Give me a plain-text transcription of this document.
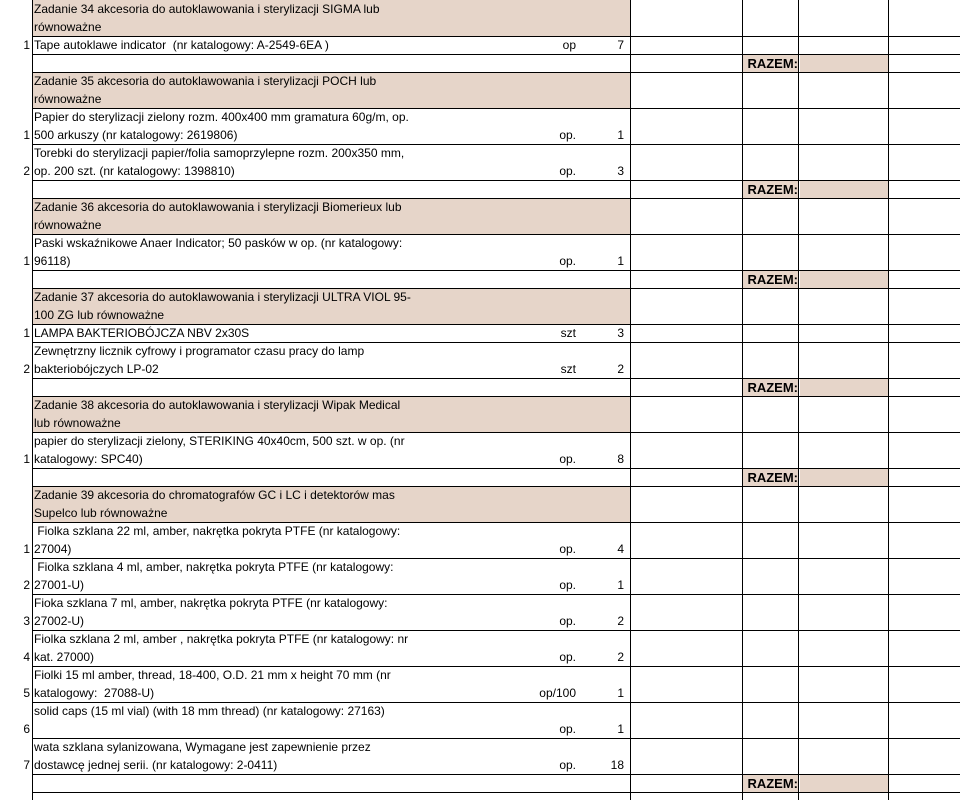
Zadanie 34 akcesoria do autoklawowania i sterylizacji SIGMA lub
równoważne
1 Tape autoklawe indicator  (nr katalogowy: A-2549-6EA )	op	7
RAZEM:
Zadanie 35 akcesoria do autoklawowania i sterylizacji POCH lub
równoważne
1
Papier do sterylizacji zielony rozm. 400x400 mm gramatura 60g/m, op.
500 arkuszy (nr katalogowy: 2619806)	op.	1
2
Torebki do sterylizacji papier/folia samoprzylepne rozm. 200x350 mm,
op. 200 szt. (nr katalogowy: 1398810)	op.	3
RAZEM:
Zadanie 36 akcesoria do autoklawowania i sterylizacji Biomerieux lub
równoważne
1
Paski wskaźnikowe Anaer Indicator; 50 pasków w op. (nr katalogowy:
96118)	op.	1
RAZEM:
Zadanie 37 akcesoria do autoklawowania i sterylizacji ULTRA VIOL 95-
100 ZG lub równoważne
1 LAMPA BAKTERIOBÓJCZA NBV 2x30S	szt	3
2
Zewnętrzny licznik cyfrowy i programator czasu pracy do lamp
bakteriobójczych LP-02	szt	2
RAZEM:
Zadanie 38 akcesoria do autoklawowania i sterylizacji Wipak Medical
lub równoważne
1
papier do sterylizacji zielony, STERIKING 40x40cm, 500 szt. w op. (nr
katalogowy: SPC40)	op.	8
RAZEM:
Zadanie 39 akcesoria do chromatografów GC i LC i detektorów mas
Supelco lub równoważne
1
Fiolka szklana 22 ml, amber, nakrętka pokryta PTFE (nr katalogowy:
27004)	op.	4
2
Fiolka szklana 4 ml, amber, nakrętka pokryta PTFE (nr katalogowy:
27001-U)	op.	1
3
Fioka szklana 7 ml, amber, nakrętka pokryta PTFE (nr katalogowy:
27002-U)	op.	2
4
Fiolka szklana 2 ml, amber , nakrętka pokryta PTFE (nr katalogowy: nr
kat. 27000)	op.	2
5
Fiolki 15 ml amber, thread, 18-400, O.D. 21 mm x height 70 mm (nr
katalogowy:  27088-U)	op/100	1
6
solid caps (15 ml vial) (with 18 mm thread) (nr katalogowy: 27163)
op.	1
7
wata szklana sylanizowana, Wymagane jest zapewnienie przez
dostawcę jednej serii. (nr katalogowy: 2-0411)	op.	18
RAZEM:
